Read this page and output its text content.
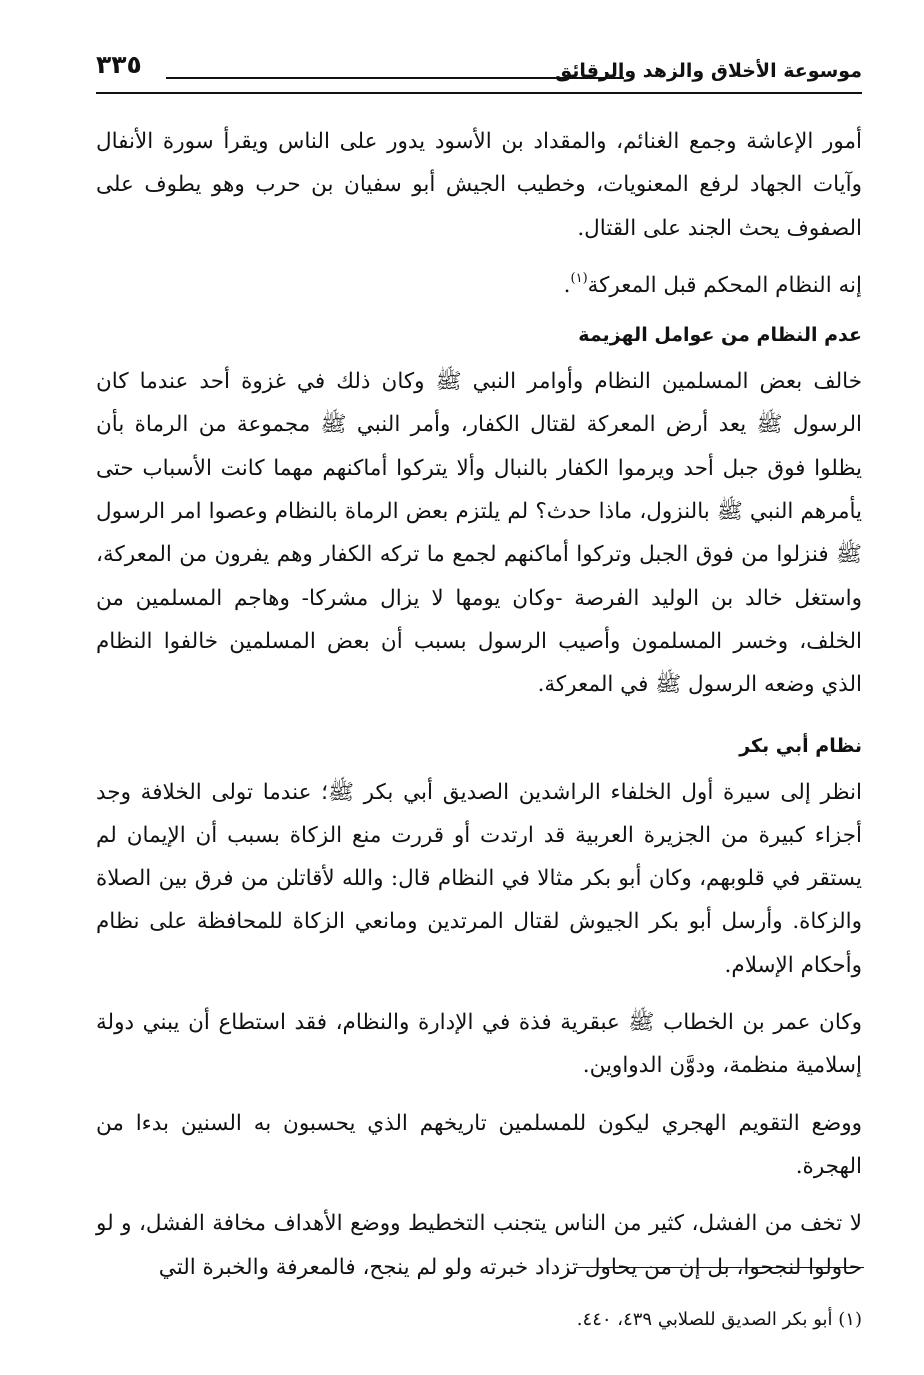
موسوعة الأخلاق والزهد والرقائق
٣٣٥

أمور الإعاشة وجمع الغنائم، والمقداد بن الأسود يدور على الناس ويقرأ سورة الأنفال وآيات الجهاد لرفع المعنويات، وخطيب الجيش أبو سفيان بن حرب وهو يطوف على الصفوف يحث الجند على القتال.

إنه النظام المحكم قبل المعركة$^{(١)}$.

عدم النظام من عوامل الهزيمة

خالف بعض المسلمين النظام وأوامر النبي ﷺ وكان ذلك في غزوة أحد عندما كان الرسول ﷺ يعد أرض المعركة لقتال الكفار، وأمر النبي ﷺ مجموعة من الرماة بأن يظلوا فوق جبل أحد ويرموا الكفار بالنبال وألا يتركوا أماكنهم مهما كانت الأسباب حتى يأمرهم النبي ﷺ بالنزول، ماذا حدث؟ لم يلتزم بعض الرماة بالنظام وعصوا امر الرسول ﷺ فنزلوا من فوق الجبل وتركوا أماكنهم لجمع ما تركه الكفار وهم يفرون من المعركة، واستغل خالد بن الوليد الفرصة -وكان يومها لا يزال مشركا- وهاجم المسلمين من الخلف، وخسر المسلمون وأصيب الرسول بسبب أن بعض المسلمين خالفوا النظام الذي وضعه الرسول ﷺ في المعركة.

نظام أبي بكر

انظر إلى سيرة أول الخلفاء الراشدين الصديق أبي بكر ﷺ؛ عندما تولى الخلافة وجد أجزاء كبيرة من الجزيرة العربية قد ارتدت أو قررت منع الزكاة بسبب أن الإيمان لم يستقر في قلوبهم، وكان أبو بكر مثالا في النظام قال: والله لأقاتلن من فرق بين الصلاة والزكاة. وأرسل أبو بكر الجيوش لقتال المرتدين ومانعي الزكاة للمحافظة على نظام وأحكام الإسلام.

وكان عمر بن الخطاب ﷺ عبقرية فذة في الإدارة والنظام، فقد استطاع أن يبني دولة إسلامية منظمة، ودوَّن الدواوين.

ووضع التقويم الهجري ليكون للمسلمين تاريخهم الذي يحسبون به السنين بدءا من الهجرة.

لا تخف من الفشل، كثير من الناس يتجنب التخطيط ووضع الأهداف مخافة الفشل، و لو حاولوا لنجحوا، بل إن من يحاول تزداد خبرته ولو لم ينجح، فالمعرفة والخبرة التي

(١) أبو بكر الصديق للصلابي ٤٣٩، ٤٤٠.
